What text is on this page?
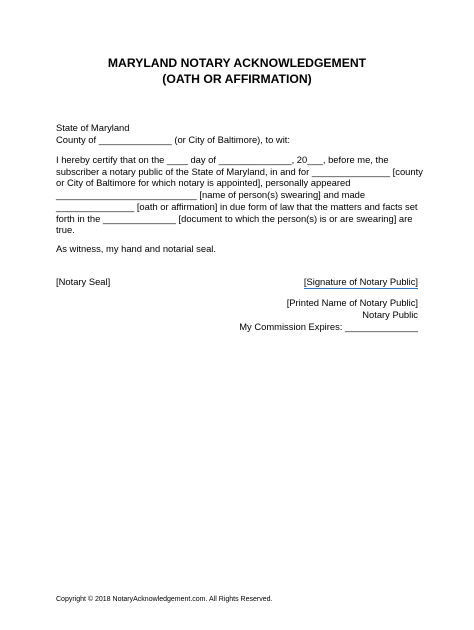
MARYLAND NOTARY ACKNOWLEDGEMENT
(OATH OR AFFIRMATION)
State of Maryland
County of ______________ (or City of Baltimore), to wit:
I hereby certify that on the ____ day of ______________, 20___, before me, the
subscriber a notary public of the State of Maryland, in and for _______________ [county
or City of Baltimore for which notary is appointed], personally appeared
___________________________ [name of person(s) swearing] and made
_______________ [oath or affirmation] in due form of law that the matters and facts set
forth in the ______________ [document to which the person(s) is or are swearing] are
true.
As witness, my hand and notarial seal.
[Notary Seal]	[Signature of Notary Public]
[Printed Name of Notary Public]
Notary Public
My Commission Expires: ______________
Copyright © 2018 NotaryAcknowledgement.com. All Rights Reserved.
